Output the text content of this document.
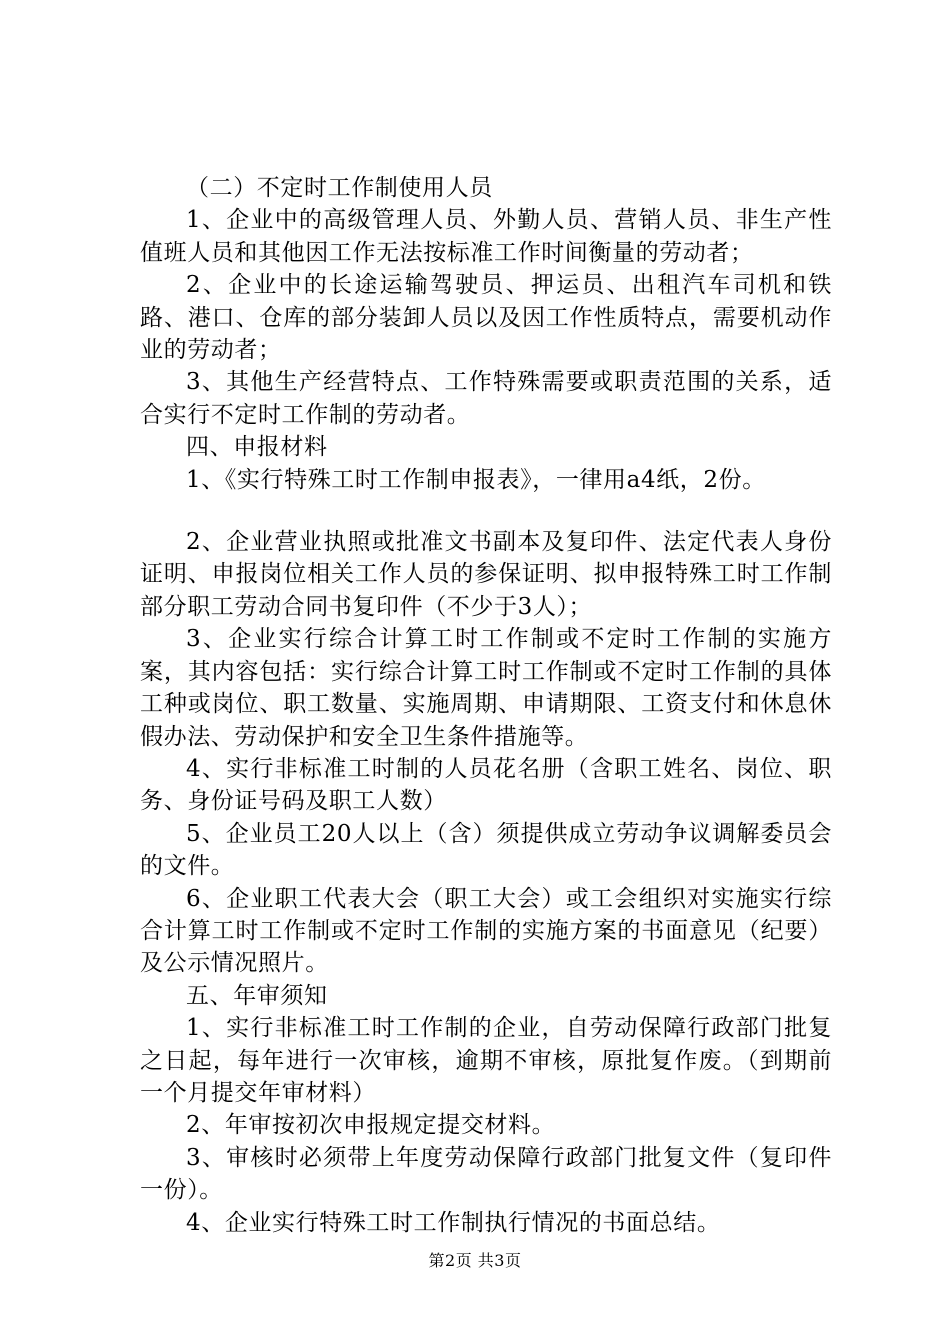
（二）不定时工作制使用人员

1、企业中的高级管理人员、外勤人员、营销人员、非生产性值班人员和其他因工作无法按标准工作时间衡量的劳动者；

2、企业中的长途运输驾驶员、押运员、出租汽车司机和铁路、港口、仓库的部分装卸人员以及因工作性质特点，需要机动作业的劳动者；

3、其他生产经营特点、工作特殊需要或职责范围的关系，适合实行不定时工作制的劳动者。

四、申报材料

1、《实行特殊工时工作制申报表》，一律用a4纸，2份。

2、企业营业执照或批准文书副本及复印件、法定代表人身份证明、申报岗位相关工作人员的参保证明、拟申报特殊工时工作制部分职工劳动合同书复印件（不少于3人）；

3、企业实行综合计算工时工作制或不定时工作制的实施方案，其内容包括：实行综合计算工时工作制或不定时工作制的具体工种或岗位、职工数量、实施周期、申请期限、工资支付和休息休假办法、劳动保护和安全卫生条件措施等。

4、实行非标准工时制的人员花名册（含职工姓名、岗位、职务、身份证号码及职工人数）

5、企业员工20人以上（含）须提供成立劳动争议调解委员会的文件。

6、企业职工代表大会（职工大会）或工会组织对实施实行综合计算工时工作制或不定时工作制的实施方案的书面意见（纪要）及公示情况照片。

五、年审须知

1、实行非标准工时工作制的企业，自劳动保障行政部门批复之日起，每年进行一次审核，逾期不审核，原批复作废。（到期前一个月提交年审材料）

2、年审按初次申报规定提交材料。

3、审核时必须带上年度劳动保障行政部门批复文件（复印件一份）。

4、企业实行特殊工时工作制执行情况的书面总结。

第2页 共3页
